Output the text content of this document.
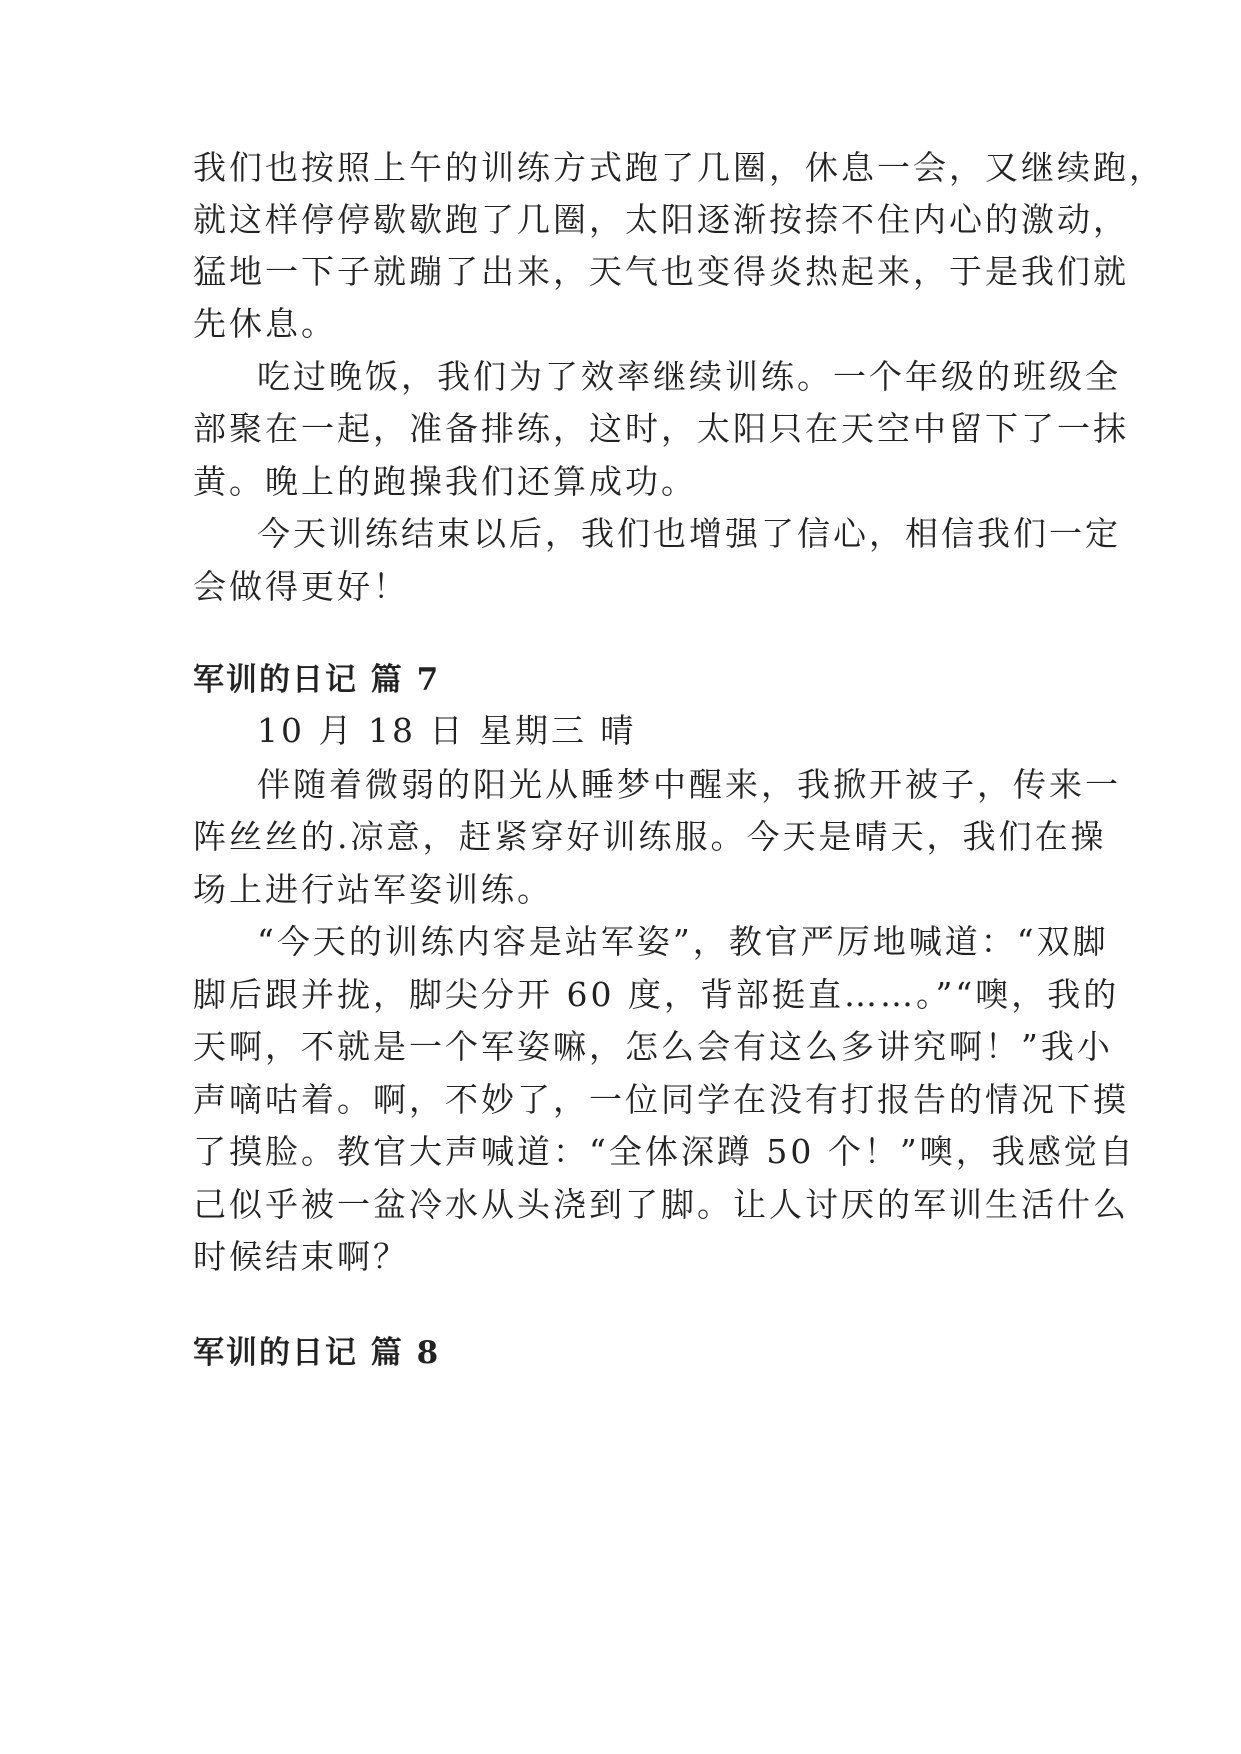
我们也按照上午的训练方式跑了几圈，休息一会，又继续跑，

就这样停停歇歇跑了几圈，太阳逐渐按捺不住内心的激动，

猛地一下子就蹦了出来，天气也变得炎热起来，于是我们就

先休息。

吃过晚饭，我们为了效率继续训练。一个年级的班级全

部聚在一起，准备排练，这时，太阳只在天空中留下了一抹

黄。晚上的跑操我们还算成功。

今天训练结束以后，我们也增强了信心，相信我们一定

会做得更好！

军训的日记 篇 7

10 月 18 日 星期三 晴

伴随着微弱的阳光从睡梦中醒来，我掀开被子，传来一

阵丝丝的.凉意，赶紧穿好训练服。今天是晴天，我们在操

场上进行站军姿训练。

“今天的训练内容是站军姿”，教官严厉地喊道：“双脚

脚后跟并拢，脚尖分开 60 度，背部挺直……。”“噢，我的

天啊，不就是一个军姿嘛，怎么会有这么多讲究啊！”我小

声嘀咕着。啊，不妙了，一位同学在没有打报告的情况下摸

了摸脸。教官大声喊道：“全体深蹲 50 个！”噢，我感觉自

己似乎被一盆冷水从头浇到了脚。让人讨厌的军训生活什么

时候结束啊？

军训的日记 篇 8
